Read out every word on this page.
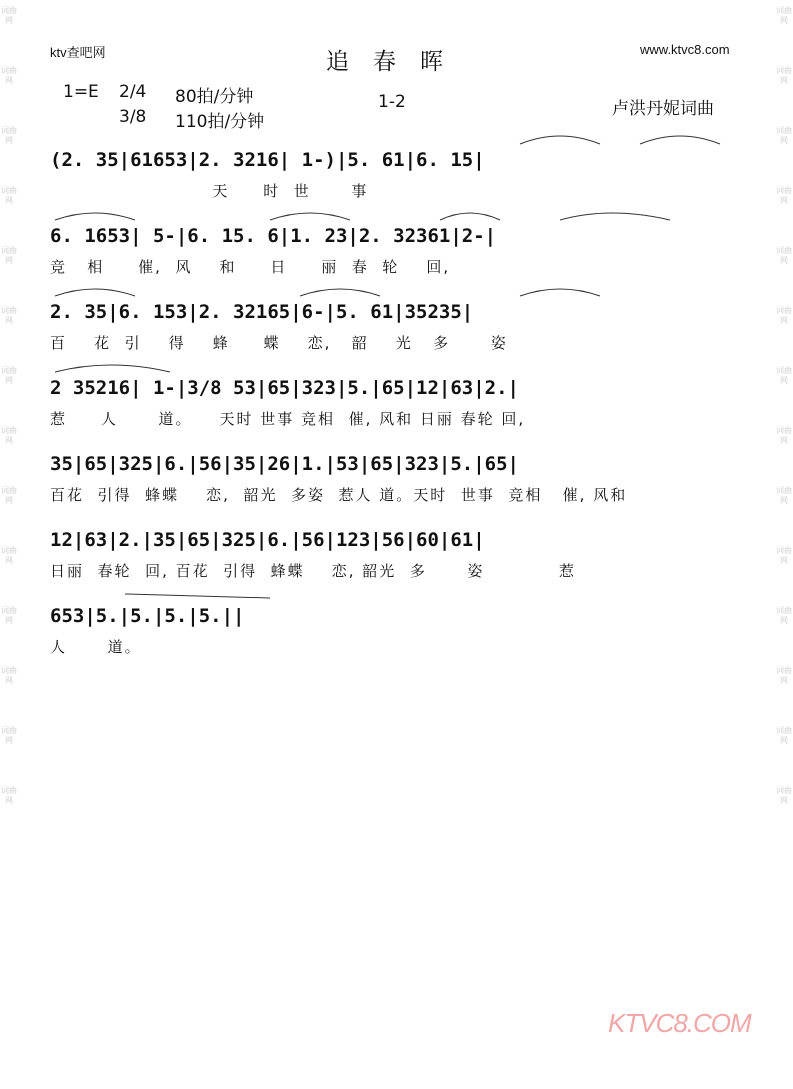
词曲网
词曲网
词曲网
词曲网
词曲网
词曲网
词曲网
词曲网
词曲网
词曲网
词曲网
词曲网
词曲网
词曲网
词曲网
词曲网
词曲网
词曲网
词曲网
词曲网
词曲网
词曲网
词曲网
词曲网
词曲网
词曲网
词曲网
词曲网
ktv查吧网	追春晖	www.ktvc8.com
1=E 2/4 80拍/分钟
3/8 110拍/分钟
1-2	卢洪丹妮词曲
(2. 35|61653|2. 3216| 1-)|5. 61|6. 15|
天     时  世      事
6. 1653| 5-|6. 15. 6|1. 23|2. 32361|2-|
竞   相     催,  风    和     日     丽  春  轮    回,
2. 35|6. 153|2. 32165|6-|5. 61|35235|
百    花  引    得    蜂     蝶    恋,   韶    光   多      姿
2 35216| 1-|3/8 53|65|323|5.|65|12|63|2.|
惹     人      道。    天时 世事 竞相  催, 风和 日丽 春轮 回,
35|65|325|6.|56|35|26|1.|53|65|323|5.|65|
百花  引得  蜂蝶    恋,  韶光  多姿  惹人 道。天时  世事  竞相   催, 风和
12|63|2.|35|65|325|6.|56|123|56|60|61|
日丽  春轮  回, 百花  引得  蜂蝶    恋, 韶光  多      姿           惹
653|5.|5.|5.|5.||
人      道。
KTVC8.COM
